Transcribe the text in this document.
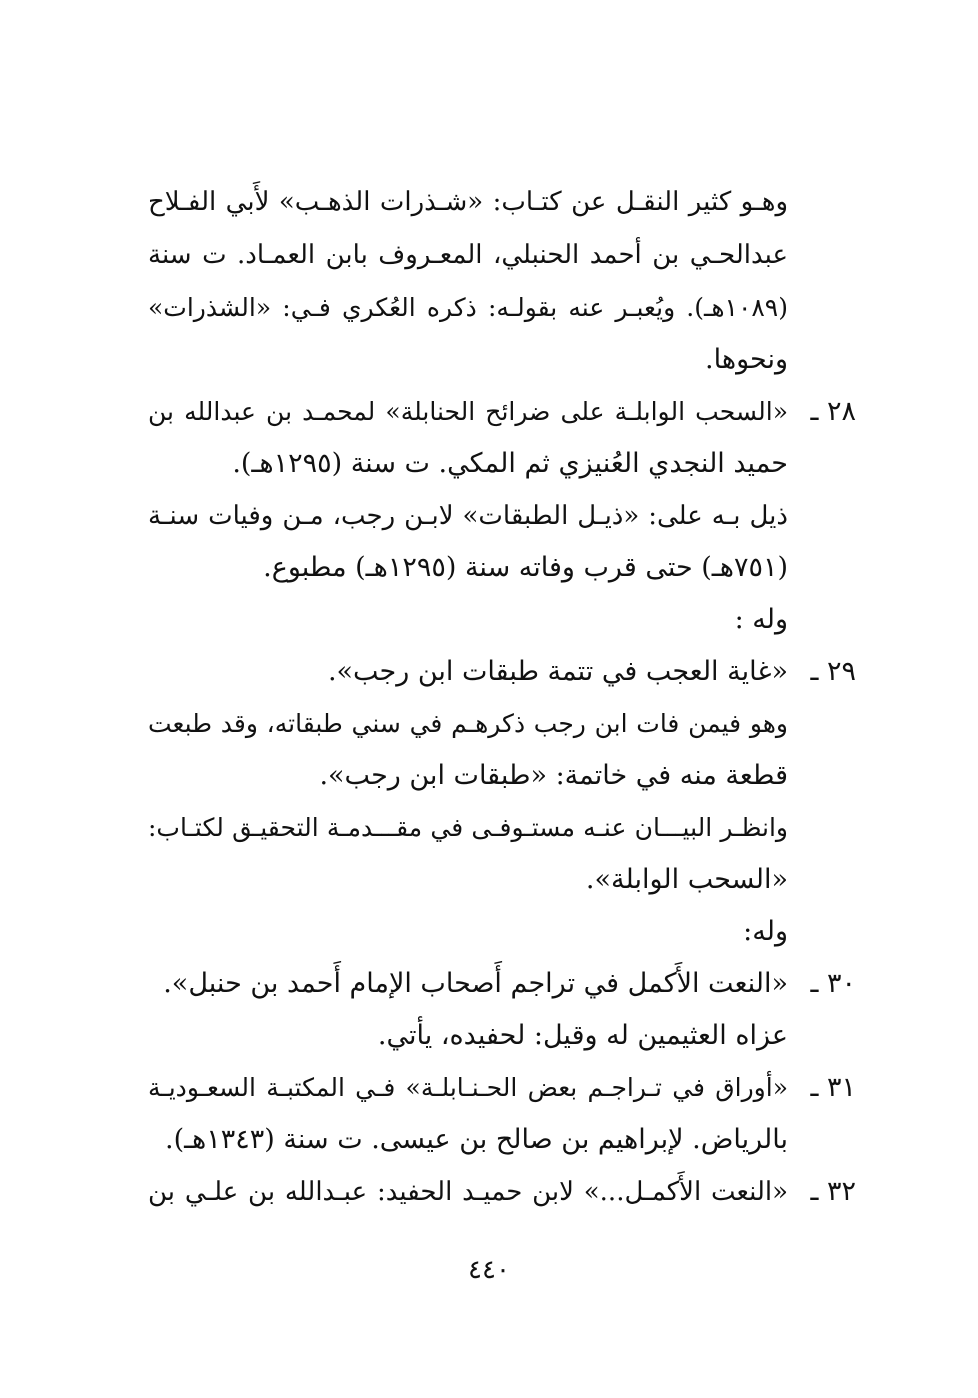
وهـو كثير النقـل عن كتـاب: «شـذرات الذهـب» لأَبي الفـلاح
عبدالحـي بن أحمد الحنبلي، المعـروف بابن العمـاد. ت سنة
(١٠٨٩هـ). ويُعبـر عنه بقولـه: ذكره العُكري فـي: «الشذرات»
ونحوها.
٢٨ ـ
«السحب الوابلـة على ضرائح الحنابلة» لمحمـد بن عبدالله بن
حميد النجدي العُنيزي ثم المكي. ت سنة (١٢٩٥هـ).
ذيل بـه على: «ذيـل الطبقات» لابـن رجب، مـن وفيات سنـة
(٧٥١هـ) حتى قرب وفاته سنة (١٢٩٥هـ) مطبوع.
وله :
٢٩ ـ
«غاية العجب في تتمة طبقات ابن رجب».
وهو فيمن فات ابن رجب ذكرهـم في سني طبقاته، وقد طبعت
قطعة منه في خاتمة: «طبقات ابن رجب».
وانظـر البيـــان عنـه مستـوفـى في مقـــدمـة التحقيـق لكتـاب:
«السحب الوابلة».
وله:
٣٠ ـ
«النعت الأَكمل في تراجم أَصحاب الإمام أَحمد بن حنبل».
عزاه العثيمين له وقيل: لحفيده، يأتي.
٣١ ـ
«أوراق في تـراجـم بعض الحـنـابلـة» فـي المكتبـة السعـوديـة
بالرياض. لإبراهيم بن صالح بن عيسى. ت سنة (١٣٤٣هـ).
٣٢ ـ
«النعت الأَكمـل...» لابن حميـد الحفيد: عبـدالله بن علـي بن
٤٤٠
